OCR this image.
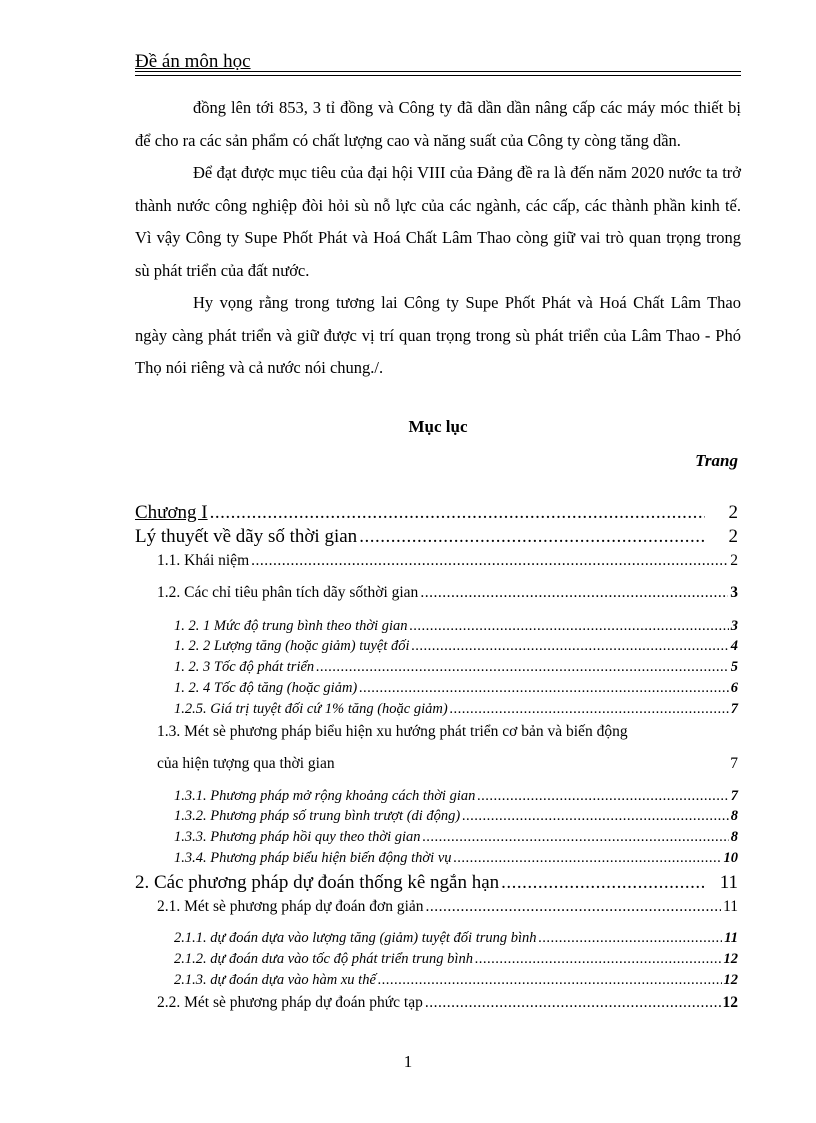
Đề án môn học

đồng lên tới 853, 3 tỉ đồng và Công ty đã dần dần nâng cấp các máy móc thiết bị để cho ra các sản phẩm có chất lượng cao và năng suất của Công ty còng tăng dần.

Để đạt được mục tiêu của đại hội VIII của Đảng đề ra là đến năm 2020 nước ta trở thành nước công nghiệp đòi hỏi sù nỗ lực của các ngành, các cấp, các thành phần kinh tế. Vì vậy Công ty Supe Phốt Phát và Hoá Chất Lâm Thao còng giữ vai trò quan trọng trong sù phát triển của đất nước.

Hy vọng rằng trong tương lai Công ty Supe Phốt Phát và Hoá Chất Lâm Thao ngày càng phát triển và giữ được vị trí quan trọng trong sù phát triển của Lâm Thao - Phó Thọ nói riêng và cả nước nói chung./.

Mục lục
Trang
Chương I .....	2
Lý thuyết về dãy số thời gian .....	2
1.1. Khái niệm .....	2
1.2. Các chỉ tiêu phân tích dãy sốthời gian .....	3
1. 2. 1 Mức độ trung bình theo thời gian .....	3
1. 2. 2 Lượng tăng (hoặc giảm) tuyệt đối .....	4
1. 2. 3 Tốc độ phát triển .....	5
1. 2. 4 Tốc độ tăng (hoặc giảm) .....	6
1.2.5. Giá trị tuyệt đối cứ 1% tăng (hoặc giảm) .....	7
1.3. Mét sè phương pháp biểu hiện xu hướng phát triển cơ bản và biến động
của hiện tượng qua thời gian	7
1.3.1. Phương pháp mở rộng khoảng cách thời gian .....	7
1.3.2. Phương pháp số trung bình trượt (di động) .....	8
1.3.3. Phương pháp hồi quy theo thời gian .....	8
1.3.4. Phương pháp biểu hiện biến động thời vụ .....	10
2. Các phương pháp dự đoán thống kê ngắn hạn .....	11
2.1. Mét sè phương pháp dự đoán đơn giản .....	11
2.1.1. dự đoán dựa vào lượng tăng (giảm) tuyệt đối trung bình .....	11
2.1.2. dự đoán dưa vào tốc độ phát triển trung bình .....	12
2.1.3. dự đoán dựa vào hàm xu thế .....	12
2.2. Mét sè phương pháp dự đoán phức tạp .....	12
1
